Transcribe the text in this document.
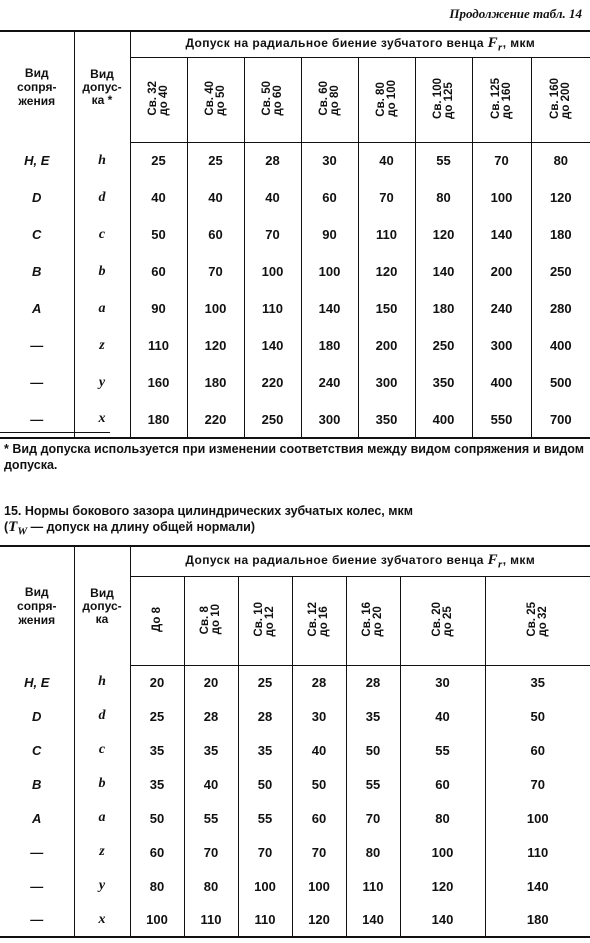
Продолжение табл. 14
Вид
сопря-
жения	Вид
допус-
ка *	Допуск на радиальное биение зубчатого венца $F_r$, мкм							
		Св. 32
до 40	Св. 40
до 50	Св. 50
до 60	Св. 60
до 80	Св. 80
до 100	Св. 100
до 125	Св. 125
до 160	Св. 160
до 200
H, E	h	25	25	28	30	40	55	70	80
D	d	40	40	40	60	70	80	100	120
C	c	50	60	70	90	110	120	140	180
B	b	60	70	100	100	120	140	200	250
A	a	90	100	110	140	150	180	240	280
—	z	110	120	140	180	200	250	300	400
—	y	160	180	220	240	300	350	400	500
—	x	180	220	250	300	350	400	550	700
* Вид допуска используется при изменении соответствия между видом сопряжения и видом допуска.
15. Нормы бокового зазора цилиндрических зубчатых колес, мкм
($T_W$ — допуск на длину общей нормали)
Вид
сопря-
жения	Вид
допус-
ка	Допуск на радиальное биение зубчатого венца $F_r$, мкм						
		До 8	Св. 8
до 10	Св. 10
до 12	Св. 12
до 16	Св. 16
до 20	Св. 20
до 25	Св. 25
до 32
H, E	h	20	20	25	28	28	30	35
D	d	25	28	28	30	35	40	50
C	c	35	35	35	40	50	55	60
B	b	35	40	50	50	55	60	70
A	a	50	55	55	60	70	80	100
—	z	60	70	70	70	80	100	110
—	y	80	80	100	100	110	120	140
—	x	100	110	110	120	140	140	180
